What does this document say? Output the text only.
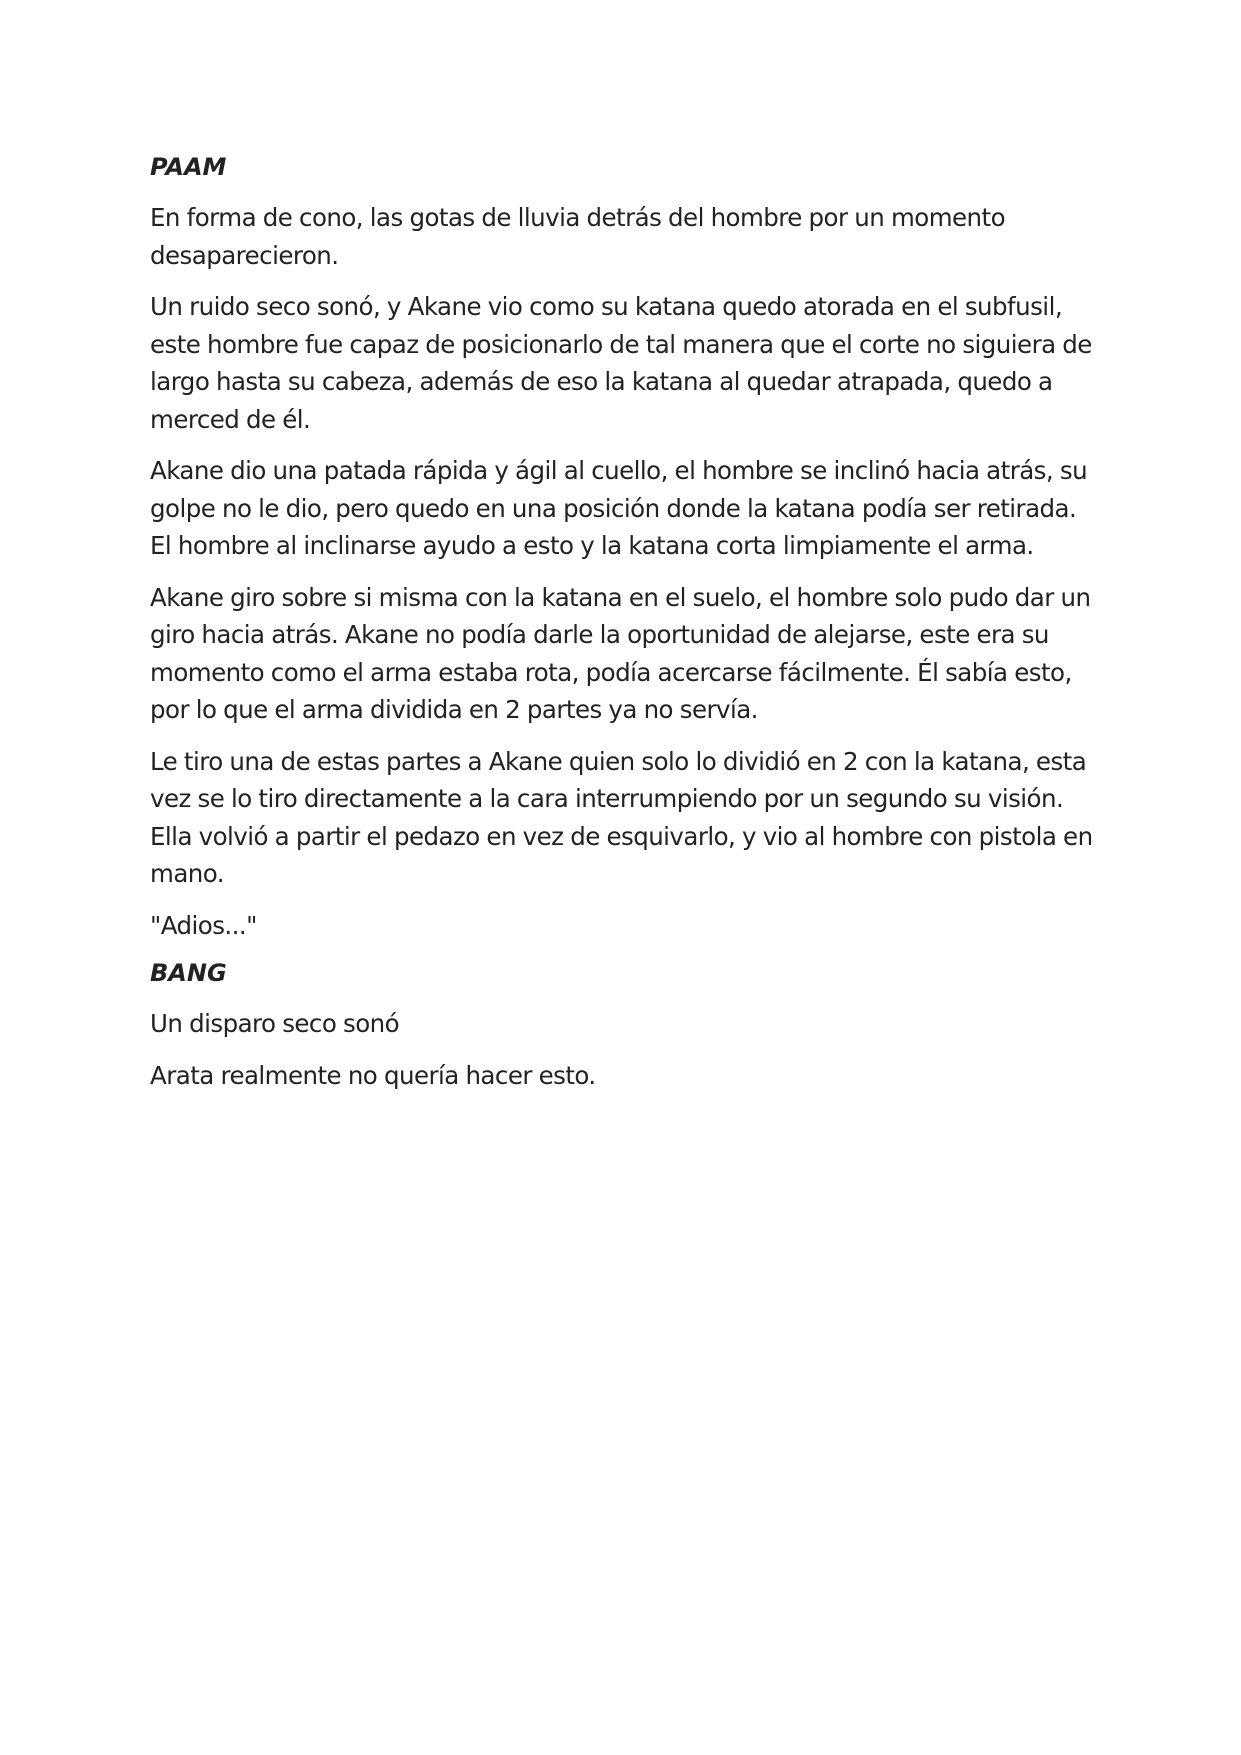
PAAM

En forma de cono, las gotas de lluvia detrás del hombre por un momento desaparecieron.

Un ruido seco sonó, y Akane vio como su katana quedo atorada en el subfusil, este hombre fue capaz de posicionarlo de tal manera que el corte no siguiera de largo hasta su cabeza, además de eso la katana al quedar atrapada, quedo a merced de él.

Akane dio una patada rápida y ágil al cuello, el hombre se inclinó hacia atrás, su golpe no le dio, pero quedo en una posición donde la katana podía ser retirada. El hombre al inclinarse ayudo a esto y la katana corta limpiamente el arma.

Akane giro sobre si misma con la katana en el suelo, el hombre solo pudo dar un giro hacia atrás. Akane no podía darle la oportunidad de alejarse, este era su momento como el arma estaba rota, podía acercarse fácilmente. Él sabía esto, por lo que el arma dividida en 2 partes ya no servía.

Le tiro una de estas partes a Akane quien solo lo dividió en 2 con la katana, esta vez se lo tiro directamente a la cara interrumpiendo por un segundo su visión. Ella volvió a partir el pedazo en vez de esquivarlo, y vio al hombre con pistola en mano.

"Adios..."

BANG

Un disparo seco sonó

Arata realmente no quería hacer esto.
